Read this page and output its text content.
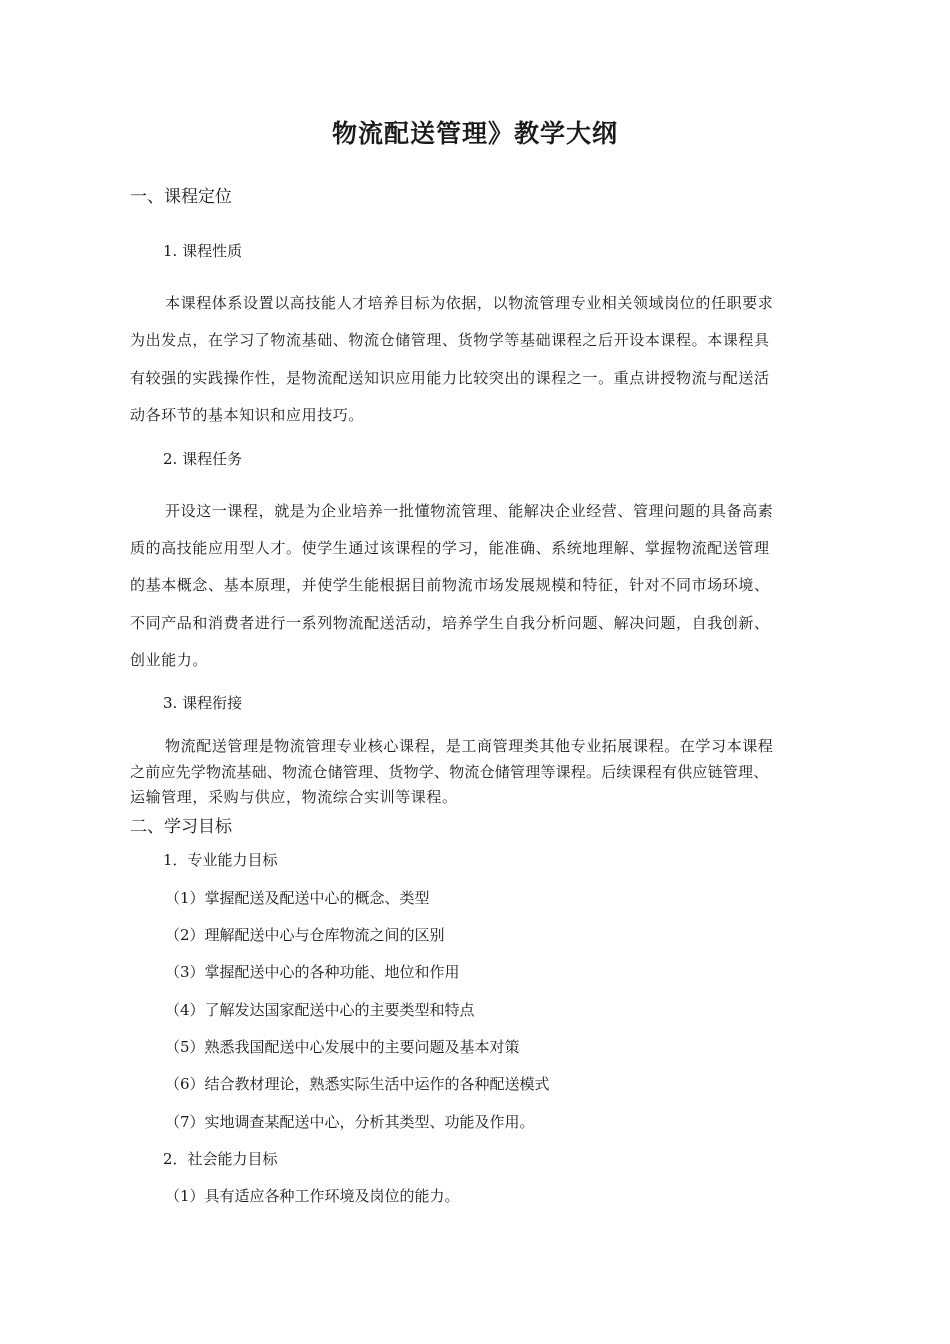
物流配送管理》教学大纲
一、课程定位
1. 课程性质
本课程体系设置以高技能人才培养目标为依据，以物流管理专业相关领域岗位的任职要求
为出发点，在学习了物流基础、物流仓储管理、货物学等基础课程之后开设本课程。本课程具
有较强的实践操作性，是物流配送知识应用能力比较突出的课程之一。重点讲授物流与配送活
动各环节的基本知识和应用技巧。
2. 课程任务
开设这一课程，就是为企业培养一批懂物流管理、能解决企业经营、管理问题的具备高素
质的高技能应用型人才。使学生通过该课程的学习，能准确、系统地理解、掌握物流配送管理
的基本概念、基本原理，并使学生能根据目前物流市场发展规模和特征，针对不同市场环境、
不同产品和消费者进行一系列物流配送活动，培养学生自我分析问题、解决问题，自我创新、
创业能力。
3. 课程衔接
物流配送管理是物流管理专业核心课程，是工商管理类其他专业拓展课程。在学习本课程
之前应先学物流基础、物流仓储管理、货物学、物流仓储管理等课程。后续课程有供应链管理、
运输管理，采购与供应，物流综合实训等课程。
二、学习目标
1．专业能力目标
（1）掌握配送及配送中心的概念、类型
（2）理解配送中心与仓库物流之间的区别
（3）掌握配送中心的各种功能、地位和作用
（4）了解发达国家配送中心的主要类型和特点
（5）熟悉我国配送中心发展中的主要问题及基本对策
（6）结合教材理论，熟悉实际生活中运作的各种配送模式
（7）实地调查某配送中心，分析其类型、功能及作用。
2．社会能力目标
（1）具有适应各种工作环境及岗位的能力。
